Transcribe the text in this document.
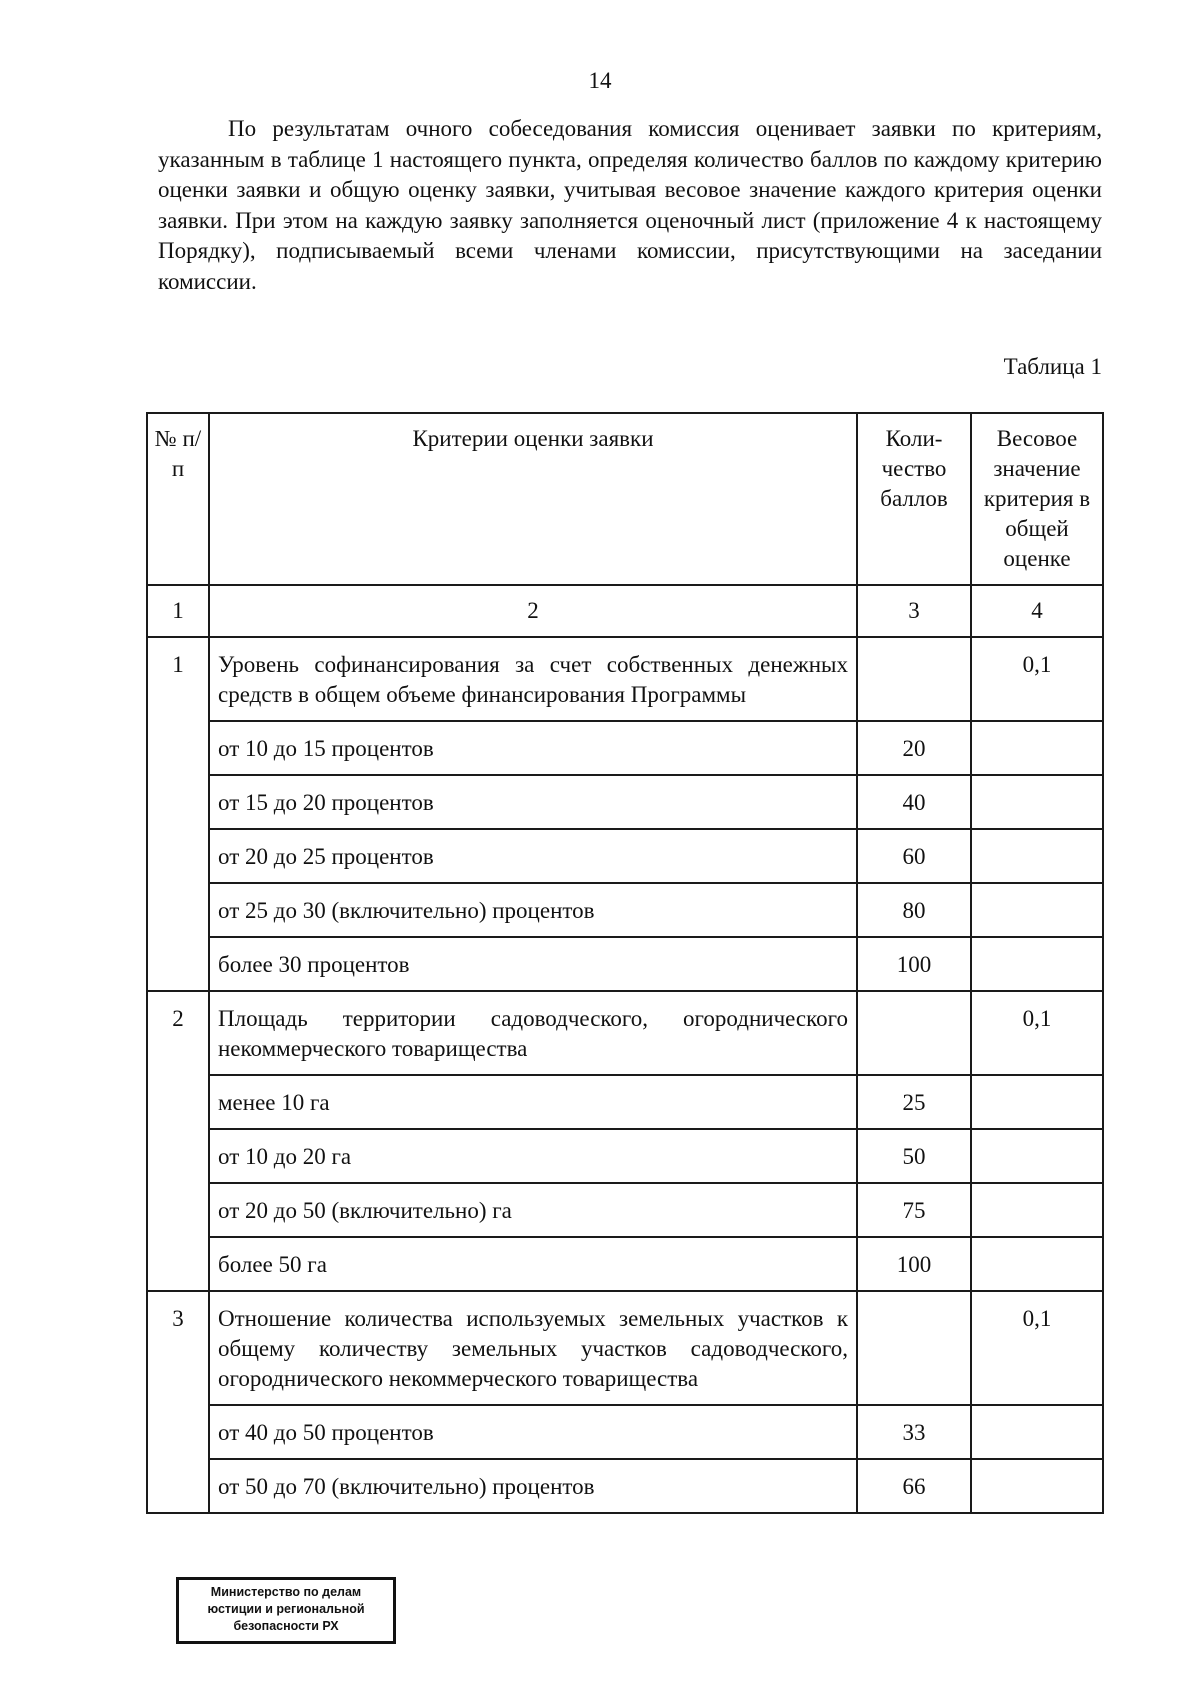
14

По результатам очного собеседования комиссия оценивает заявки по критериям, указанным в таблице 1 настоящего пункта, определяя количество баллов по каждому критерию оценки заявки и общую оценку заявки, учитывая весовое значение каждого критерия оценки заявки. При этом на каждую заявку заполняется оценочный лист (приложение 4 к настоящему Порядку), подписываемый всеми членами комиссии, присутствующими на заседании комиссии.

Таблица 1
№ п/п	Критерии оценки заявки	Коли-чество баллов	Весовое значение критерия в общей оценке
1	2	3	4
1	Уровень софинансирования за счет собственных денежных средств в общем объеме финансирования Программы		0,1
	от 10 до 15 процентов	20	
	от 15 до 20 процентов	40	
	от 20 до 25 процентов	60	
	от 25 до 30 (включительно) процентов	80	
	более 30 процентов	100	
2	Площадь территории садоводческого, огороднического некоммерческого товарищества		0,1
	менее 10 га	25	
	от 10 до 20 га	50	
	от 20 до 50 (включительно) га	75	
	более 50 га	100	
3	Отношение количества используемых земельных участков к общему количеству земельных участков садоводческого, огороднического некоммерческого товарищества		0,1
	от 40 до 50 процентов	33	
	от 50 до 70 (включительно) процентов	66	
Министерство по делам
юстиции и региональной
безопасности РХ
